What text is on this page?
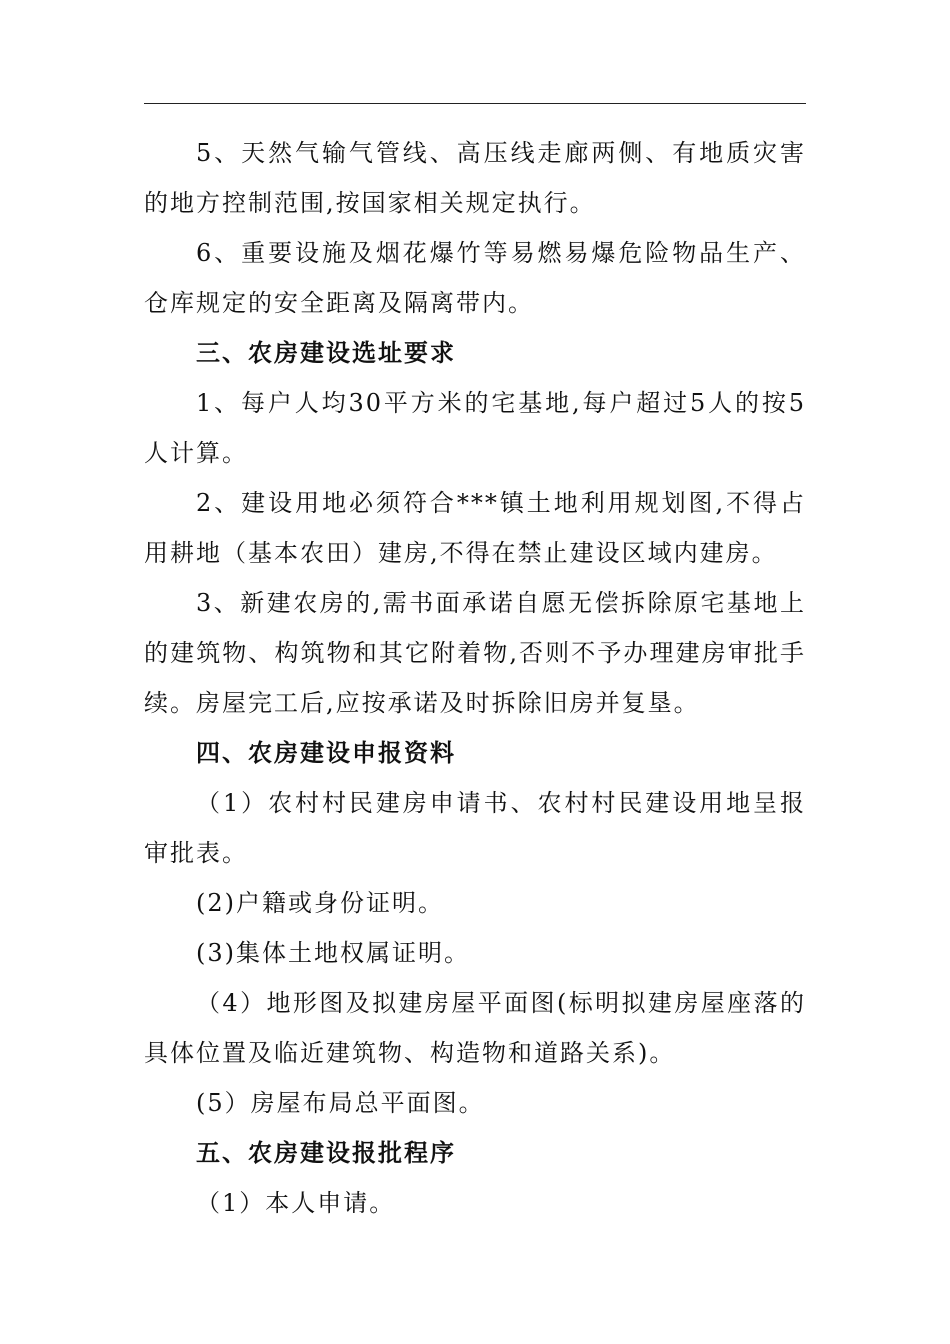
5、天然气输气管线、高压线走廊两侧、有地质灾害的地方控制范围,按国家相关规定执行。

6、重要设施及烟花爆竹等易燃易爆危险物品生产、仓库规定的安全距离及隔离带内。

三、农房建设选址要求

1、每户人均30平方米的宅基地,每户超过5人的按5人计算。

2、建设用地必须符合***镇土地利用规划图,不得占用耕地（基本农田）建房,不得在禁止建设区域内建房。

3、新建农房的,需书面承诺自愿无偿拆除原宅基地上的建筑物、构筑物和其它附着物,否则不予办理建房审批手续。房屋完工后,应按承诺及时拆除旧房并复垦。

四、农房建设申报资料

（1）农村村民建房申请书、农村村民建设用地呈报审批表。

(2)户籍或身份证明。

(3)集体土地权属证明。

（4）地形图及拟建房屋平面图(标明拟建房屋座落的具体位置及临近建筑物、构造物和道路关系)。

(5）房屋布局总平面图。

五、农房建设报批程序

（1）本人申请。
